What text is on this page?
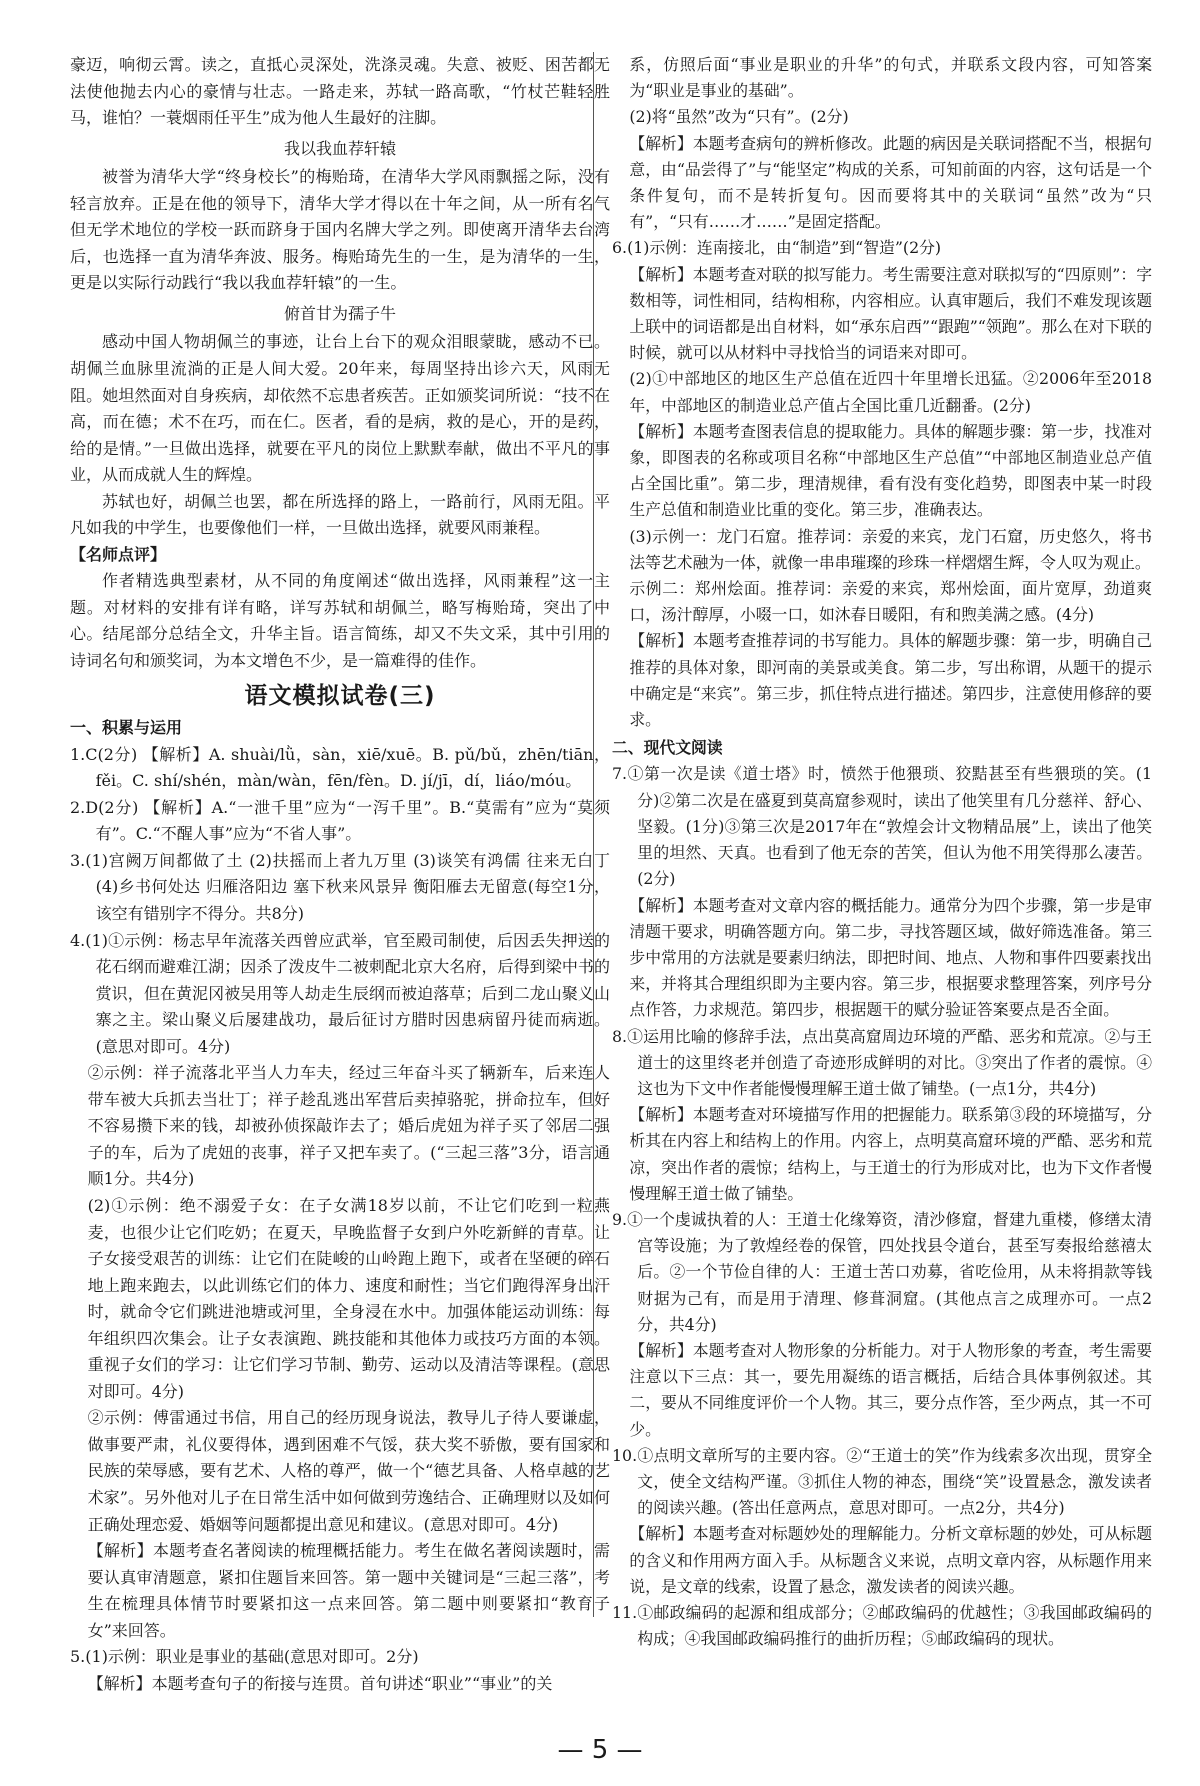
豪迈，响彻云霄。读之，直抵心灵深处，洗涤灵魂。失意、被贬、困苦都无法使他抛去内心的豪情与壮志。一路走来，苏轼一路高歌，“竹杖芒鞋轻胜马，谁怕？一蓑烟雨任平生”成为他人生最好的注脚。

我以我血荐轩辕

被誉为清华大学“终身校长”的梅贻琦，在清华大学风雨飘摇之际，没有轻言放弃。正是在他的领导下，清华大学才得以在十年之间，从一所有名气但无学术地位的学校一跃而跻身于国内名牌大学之列。即使离开清华去台湾后，也选择一直为清华奔波、服务。梅贻琦先生的一生，是为清华的一生，更是以实际行动践行“我以我血荐轩辕”的一生。

俯首甘为孺子牛

感动中国人物胡佩兰的事迹，让台上台下的观众泪眼蒙眬，感动不已。胡佩兰血脉里流淌的正是人间大爱。20年来，每周坚持出诊六天，风雨无阻。她坦然面对自身疾病，却依然不忘患者疾苦。正如颁奖词所说：“技不在高，而在德；术不在巧，而在仁。医者，看的是病，救的是心，开的是药，给的是情。”一旦做出选择，就要在平凡的岗位上默默奉献，做出不平凡的事业，从而成就人生的辉煌。

苏轼也好，胡佩兰也罢，都在所选择的路上，一路前行，风雨无阻。平凡如我的中学生，也要像他们一样，一旦做出选择，就要风雨兼程。

【名师点评】

作者精选典型素材，从不同的角度阐述“做出选择，风雨兼程”这一主题。对材料的安排有详有略，详写苏轼和胡佩兰，略写梅贻琦，突出了中心。结尾部分总结全文，升华主旨。语言简练，却又不失文采，其中引用的诗词名句和颁奖词，为本文增色不少，是一篇难得的佳作。

语文模拟试卷(三)

一、积累与运用

1.C(2分) 【解析】A. shuài/lǜ，sàn，xiē/xuē。B. pǔ/bǔ，zhēn/tiān，fěi。C. shí/shén，màn/wàn，fēn/fèn。D. jí/jī，dí，liáo/móu。

2.D(2分) 【解析】A.“一泄千里”应为“一泻千里”。B.“莫需有”应为“莫须有”。C.“不醒人事”应为“不省人事”。

3.(1)宫阙万间都做了土 (2)扶摇而上者九万里 (3)谈笑有鸿儒 往来无白丁 (4)乡书何处达 归雁洛阳边 塞下秋来风景异 衡阳雁去无留意(每空1分，该空有错别字不得分。共8分)

4.(1)①示例：杨志早年流落关西曾应武举，官至殿司制使，后因丢失押送的花石纲而避难江湖；因杀了泼皮牛二被刺配北京大名府，后得到梁中书的赏识，但在黄泥冈被吴用等人劫走生辰纲而被迫落草；后到二龙山聚义山寨之主。梁山聚义后屡建战功，最后征讨方腊时因患病留丹徒而病逝。(意思对即可。4分)

②示例：祥子流落北平当人力车夫，经过三年奋斗买了辆新车，后来连人带车被大兵抓去当壮丁；祥子趁乱逃出军营后卖掉骆驼，拼命拉车，但好不容易攒下来的钱，却被孙侦探敲诈去了；婚后虎妞为祥子买了邻居二强子的车，后为了虎妞的丧事，祥子又把车卖了。(“三起三落”3分，语言通顺1分。共4分)

(2)①示例：绝不溺爱子女：在子女满18岁以前，不让它们吃到一粒燕麦，也很少让它们吃奶；在夏天，早晚监督子女到户外吃新鲜的青草。让子女接受艰苦的训练：让它们在陡峻的山岭跑上跑下，或者在坚硬的碎石地上跑来跑去，以此训练它们的体力、速度和耐性；当它们跑得浑身出汗时，就命令它们跳进池塘或河里，全身浸在水中。加强体能运动训练：每年组织四次集会。让子女表演跑、跳技能和其他体力或技巧方面的本领。重视子女们的学习：让它们学习节制、勤劳、运动以及清洁等课程。(意思对即可。4分)

②示例：傅雷通过书信，用自己的经历现身说法，教导儿子待人要谦虚，做事要严肃，礼仪要得体，遇到困难不气馁，获大奖不骄傲，要有国家和民族的荣辱感，要有艺术、人格的尊严，做一个“德艺具备、人格卓越的艺术家”。另外他对儿子在日常生活中如何做到劳逸结合、正确理财以及如何正确处理恋爱、婚姻等问题都提出意见和建议。(意思对即可。4分)

【解析】本题考查名著阅读的梳理概括能力。考生在做名著阅读题时，需要认真审清题意，紧扣住题旨来回答。第一题中关键词是“三起三落”，考生在梳理具体情节时要紧扣这一点来回答。第二题中则要紧扣“教育子女”来回答。

5.(1)示例：职业是事业的基础(意思对即可。2分)

【解析】本题考查句子的衔接与连贯。首句讲述“职业”“事业”的关

系，仿照后面“事业是职业的升华”的句式，并联系文段内容，可知答案为“职业是事业的基础”。

(2)将“虽然”改为“只有”。(2分)

【解析】本题考查病句的辨析修改。此题的病因是关联词搭配不当，根据句意，由“品尝得了”与“能坚定”构成的关系，可知前面的内容，这句话是一个条件复句，而不是转折复句。因而要将其中的关联词“虽然”改为“只有”，“只有……才……”是固定搭配。

6.(1)示例：连南接北，由“制造”到“智造”(2分)

【解析】本题考查对联的拟写能力。考生需要注意对联拟写的“四原则”：字数相等，词性相同，结构相称，内容相应。认真审题后，我们不难发现该题上联中的词语都是出自材料，如“承东启西”“跟跑”“领跑”。那么在对下联的时候，就可以从材料中寻找恰当的词语来对即可。

(2)①中部地区的地区生产总值在近四十年里增长迅猛。②2006年至2018年，中部地区的制造业总产值占全国比重几近翻番。(2分)

【解析】本题考查图表信息的提取能力。具体的解题步骤：第一步，找准对象，即图表的名称或项目名称“中部地区生产总值”“中部地区制造业总产值占全国比重”。第二步，理清规律，看有没有变化趋势，即图表中某一时段生产总值和制造业比重的变化。第三步，准确表达。

(3)示例一：龙门石窟。推荐词：亲爱的来宾，龙门石窟，历史悠久，将书法等艺术融为一体，就像一串串璀璨的珍珠一样熠熠生辉，令人叹为观止。

示例二：郑州烩面。推荐词：亲爱的来宾，郑州烩面，面片宽厚，劲道爽口，汤汁醇厚，小啜一口，如沐春日暖阳，有和煦美满之感。(4分)

【解析】本题考查推荐词的书写能力。具体的解题步骤：第一步，明确自己推荐的具体对象，即河南的美景或美食。第二步，写出称谓，从题干的提示中确定是“来宾”。第三步，抓住特点进行描述。第四步，注意使用修辞的要求。

二、现代文阅读

7.①第一次是读《道士塔》时，愤然于他猥琐、狡黠甚至有些猥琐的笑。(1分)②第二次是在盛夏到莫高窟参观时，读出了他笑里有几分慈祥、舒心、坚毅。(1分)③第三次是2017年在“敦煌会计文物精品展”上，读出了他笑里的坦然、天真。也看到了他无奈的苦笑，但认为他不用笑得那么凄苦。(2分)

【解析】本题考查对文章内容的概括能力。通常分为四个步骤，第一步是审清题干要求，明确答题方向。第二步，寻找答题区域，做好筛选准备。第三步中常用的方法就是要素归纳法，即把时间、地点、人物和事件四要素找出来，并将其合理组织即为主要内容。第三步，根据要求整理答案，列序号分点作答，力求规范。第四步，根据题干的赋分验证答案要点是否全面。

8.①运用比喻的修辞手法，点出莫高窟周边环境的严酷、恶劣和荒凉。②与王道士的这里终老并创造了奇迹形成鲜明的对比。③突出了作者的震惊。④这也为下文中作者能慢慢理解王道士做了铺垫。(一点1分，共4分)

【解析】本题考查对环境描写作用的把握能力。联系第③段的环境描写，分析其在内容上和结构上的作用。内容上，点明莫高窟环境的严酷、恶劣和荒凉，突出作者的震惊；结构上，与王道士的行为形成对比，也为下文作者慢慢理解王道士做了铺垫。

9.①一个虔诚执着的人：王道士化缘筹资，清沙修窟，督建九重楼，修缮太清宫等设施；为了敦煌经卷的保管，四处找县令道台，甚至写奏报给慈禧太后。②一个节俭自律的人：王道士苦口劝募，省吃俭用，从未将捐款等钱财据为己有，而是用于清理、修葺洞窟。(其他点言之成理亦可。一点2分，共4分)

【解析】本题考查对人物形象的分析能力。对于人物形象的考查，考生需要注意以下三点：其一，要先用凝练的语言概括，后结合具体事例叙述。其二，要从不同维度评价一个人物。其三，要分点作答，至少两点，其一不可少。

10.①点明文章所写的主要内容。②“王道士的笑”作为线索多次出现，贯穿全文，使全文结构严谨。③抓住人物的神态，围绕“笑”设置悬念，激发读者的阅读兴趣。(答出任意两点，意思对即可。一点2分，共4分)

【解析】本题考查对标题妙处的理解能力。分析文章标题的妙处，可从标题的含义和作用两方面入手。从标题含义来说，点明文章内容，从标题作用来说，是文章的线索，设置了悬念，激发读者的阅读兴趣。

11.①邮政编码的起源和组成部分；②邮政编码的优越性；③我国邮政编码的构成；④我国邮政编码推行的曲折历程；⑤邮政编码的现状。

— 5 —
